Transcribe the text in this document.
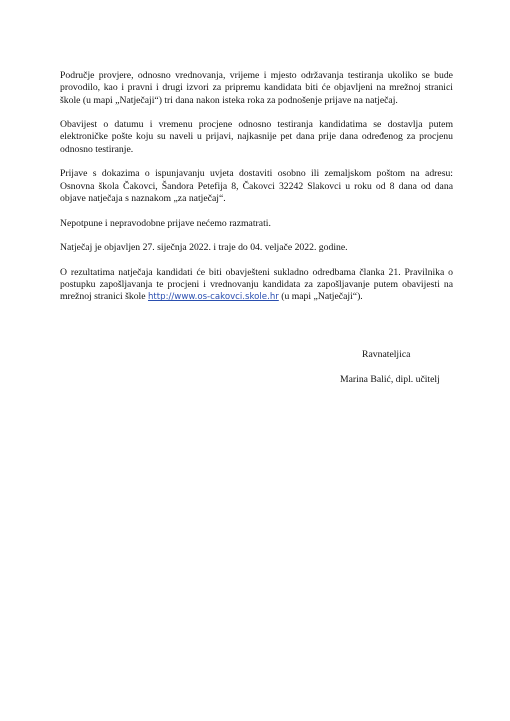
Područje provjere, odnosno vrednovanja, vrijeme i mjesto održavanja testiranja ukoliko se bude provodilo, kao i pravni i drugi izvori za pripremu kandidata biti će objavljeni na mrežnoj stranici škole (u mapi „Natječaji“) tri dana nakon isteka roka za podnošenje prijave na natječaj.

Obavijest o datumu i vremenu procjene odnosno testiranja kandidatima se dostavlja putem elektroničke pošte koju su naveli u prijavi, najkasnije pet dana prije dana određenog za procjenu odnosno testiranje.

Prijave s dokazima o ispunjavanju uvjeta dostaviti osobno ili zemaljskom poštom na adresu: Osnovna škola Čakovci, Šandora Petefija 8, Čakovci 32242 Slakovci u roku od 8 dana od dana objave natječaja s naznakom „za natječaj“.

Nepotpune i nepravodobne prijave nećemo razmatrati.

Natječaj je objavljen 27. siječnja 2022. i traje do 04. veljače 2022. godine.

O rezultatima natječaja kandidati će biti obavješteni sukladno odredbama članka 21. Pravilnika o postupku zapošljavanja te procjeni i vrednovanju kandidata za zapošljavanje putem obavijesti na mrežnoj stranici škole http://www.os-cakovci.skole.hr (u mapi „Natječaji“).

Ravnateljica
Marina Balić, dipl. učitelj
